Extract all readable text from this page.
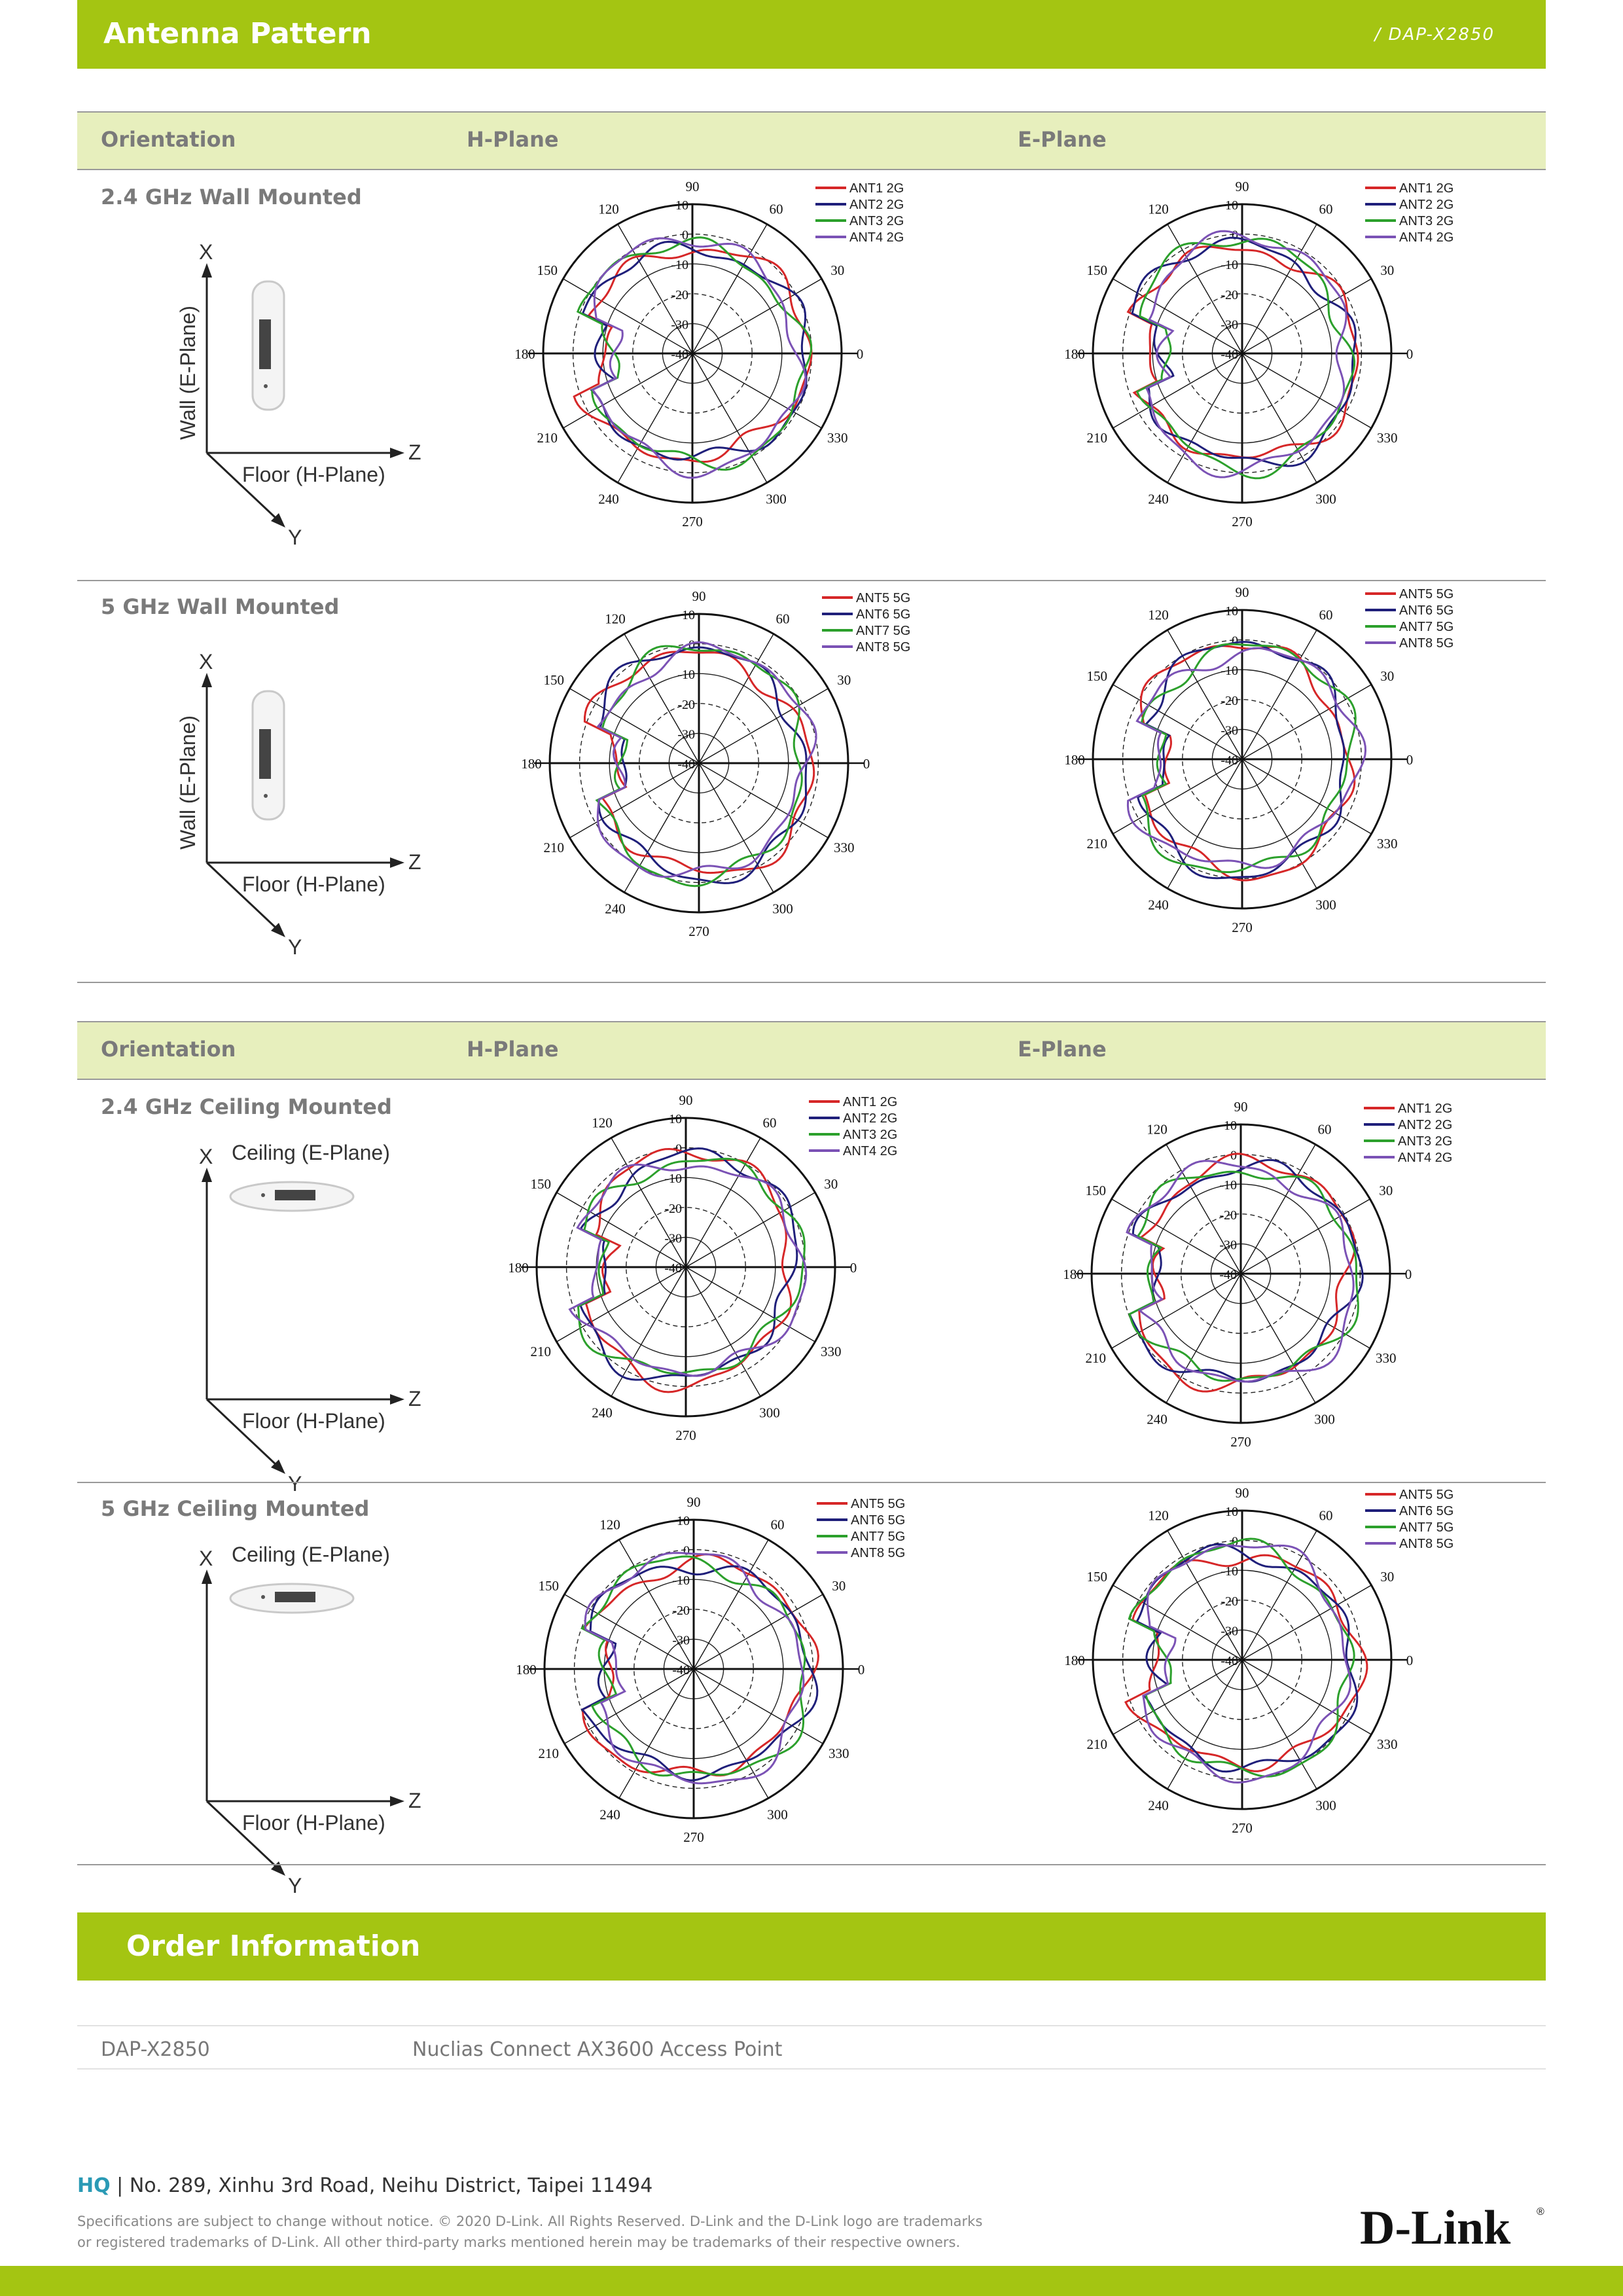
Antenna Pattern	/ DAP-X2850
Orientation	H-Plane	E-Plane
2.4 GHz Wall Mounted
X
Z
Y
Floor (H-Plane)
Wall (E-Plane)	0
30
60
90
120
150
180
210
240
270
300
330
10
0
-10
-20
-30
-40
ANT1 2G
ANT2 2G
ANT3 2G
ANT4 2G
0
30
60
90
120
150
180
210
240
270
300
330
10
0
-10
-20
-30
-40
ANT1 2G
ANT2 2G
ANT3 2G
ANT4 2G
5 GHz Wall Mounted
X
Z
Y
Floor (H-Plane)
Wall (E-Plane)	0
30
60
90
120
150
180
210
240
270
300
330
10
0
-10
-20
-30
-40
ANT5 5G
ANT6 5G
ANT7 5G
ANT8 5G
0
30
60
90
120
150
180
210
240
270
300
330
10
0
-10
-20
-30
-40
ANT5 5G
ANT6 5G
ANT7 5G
ANT8 5G
Orientation	H-Plane	E-Plane
2.4 GHz Ceiling Mounted
X
Z
Y
Floor (H-Plane)
Ceiling (E-Plane)
0
30
60
90
120
150
180
210
240
270
300
330
10
0
-10
-20
-30
-40
ANT1 2G
ANT2 2G
ANT3 2G
ANT4 2G
0
30
60
90
120
150
180
210
240
270
300
330
10
0
-10
-20
-30
-40
ANT1 2G
ANT2 2G
ANT3 2G
ANT4 2G
5 GHz Ceiling Mounted
X
Z
Y
Floor (H-Plane)
Ceiling (E-Plane)
0
30
60
90
120
150
180
210
240
270
300
330
10
0
-10
-20
-30
-40
ANT5 5G
ANT6 5G
ANT7 5G
ANT8 5G
0
30
60
90
120
150
180
210
240
270
300
330
10
0
-10
-20
-30
-40
ANT5 5G
ANT6 5G
ANT7 5G
ANT8 5G
Order Information
DAP-X2850	Nuclias Connect AX3600 Access Point
HQ | No. 289, Xinhu 3rd Road, Neihu District, Taipei 11494
Specifications are subject to change without notice. © 2020 D-Link. All Rights Reserved. D-Link and the D-Link logo are trademarks
or registered trademarks of D-Link. All other third-party marks mentioned herein may be trademarks of their respective owners.	D-Link ®
